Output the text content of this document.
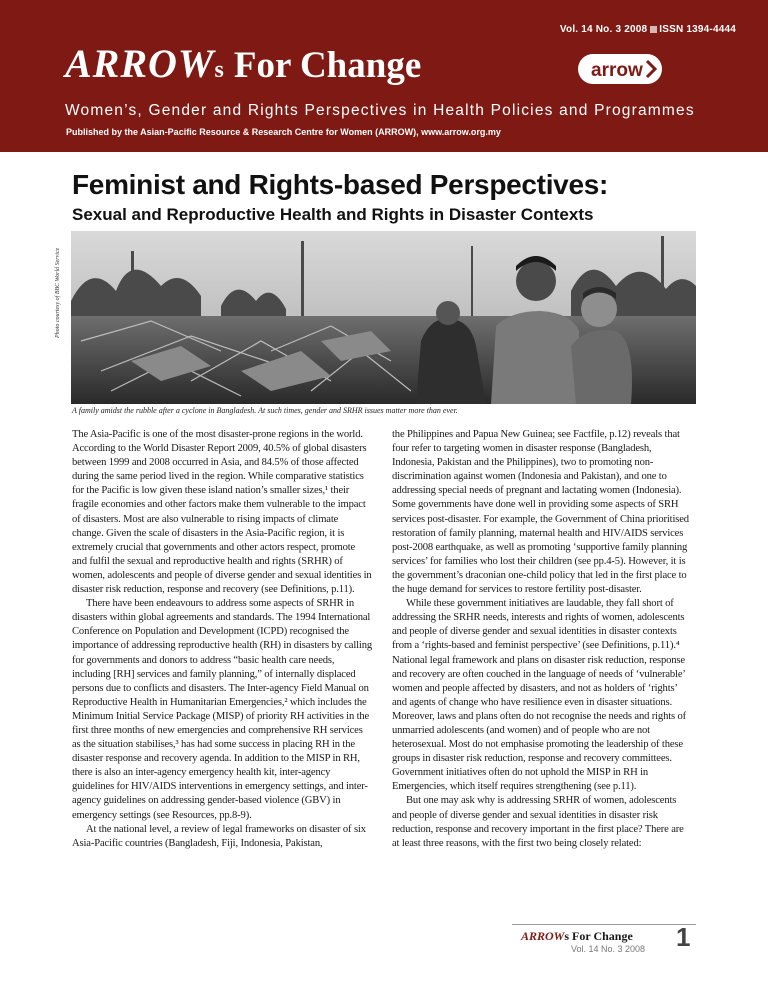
Vol. 14 No. 3 2008 ISSN 1394-4444
ARROWs For Change	arrow
Women’s, Gender and Rights Perspectives in Health Policies and Programmes
Published by the Asian-Pacific Resource & Research Centre for Women (ARROW), www.arrow.org.my
Feminist and Rights-based Perspectives:
Sexual and Reproductive Health and Rights in Disaster Contexts
Photo courtesy of BBC World Service
A family amidst the rubble after a cyclone in Bangladesh. At such times, gender and SRHR issues matter more than ever.

The Asia-Pacific is one of the most disaster-prone regions in the world. According to the World Disaster Report 2009, 40.5% of global disasters between 1999 and 2008 occurred in Asia, and 84.5% of those affected during the same period lived in the region. While comparative statistics for the Pacific is low given these island nation’s smaller sizes,¹ their fragile economies and other factors make them vulnerable to the impact of disasters. Most are also vulnerable to rising impacts of climate change. Given the scale of disasters in the Asia-Pacific region, it is extremely crucial that governments and other actors respect, promote and fulfil the sexual and reproductive health and rights (SRHR) of women, adolescents and people of diverse gender and sexual identities in disaster risk reduction, response and recovery (see Definitions, p.11).

There have been endeavours to address some aspects of SRHR in disasters within global agreements and standards. The 1994 International Conference on Population and Development (ICPD) recognised the importance of addressing reproductive health (RH) in disasters by calling for governments and donors to address “basic health care needs, including [RH] services and family planning,” of internally displaced persons due to conflicts and disasters. The Inter-agency Field Manual on Reproductive Health in Humanitarian Emergencies,² which includes the Minimum Initial Service Package (MISP) of priority RH activities in the first three months of new emergencies and comprehensive RH services as the situation stabilises,³ has had some success in placing RH in the disaster response and recovery agenda. In addition to the MISP in RH, there is also an inter-agency emergency health kit, inter-agency guidelines for HIV/AIDS interventions in emergency settings, and inter-agency guidelines on addressing gender-based violence (GBV) in emergency settings (see Resources, pp.8-9).

At the national level, a review of legal frameworks on disaster of six Asia-Pacific countries (Bangladesh, Fiji, Indonesia, Pakistan,

the Philippines and Papua New Guinea; see Factfile, p.12) reveals that four refer to targeting women in disaster response (Bangladesh, Indonesia, Pakistan and the Philippines), two to promoting non-discrimination against women (Indonesia and Pakistan), and one to addressing special needs of pregnant and lactating women (Indonesia). Some governments have done well in providing some aspects of SRH services post-disaster. For example, the Government of China prioritised restoration of family planning, maternal health and HIV/AIDS services post-2008 earthquake, as well as promoting ‘supportive family planning services’ for families who lost their children (see pp.4-5). However, it is the government’s draconian one-child policy that led in the first place to the huge demand for services to restore fertility post-disaster.

While these government initiatives are laudable, they fall short of addressing the SRHR needs, interests and rights of women, adolescents and people of diverse gender and sexual identities in disaster contexts from a ‘rights-based and feminist perspective’ (see Definitions, p.11).⁴ National legal framework and plans on disaster risk reduction, response and recovery are often couched in the language of needs of ‘vulnerable’ women and people affected by disasters, and not as holders of ‘rights’ and agents of change who have resilience even in disaster situations. Moreover, laws and plans often do not recognise the needs and rights of unmarried adolescents (and women) and of people who are not heterosexual. Most do not emphasise promoting the leadership of these groups in disaster risk reduction, response and recovery committees. Government initiatives often do not uphold the MISP in RH in Emergencies, which itself requires strengthening (see p.11).

But one may ask why is addressing SRHR of women, adolescents and people of diverse gender and sexual identities in disaster risk reduction, response and recovery important in the first place? There are at least three reasons, with the first two being closely related:

ARROWs For Change
Vol. 14 No. 3 2008 1
